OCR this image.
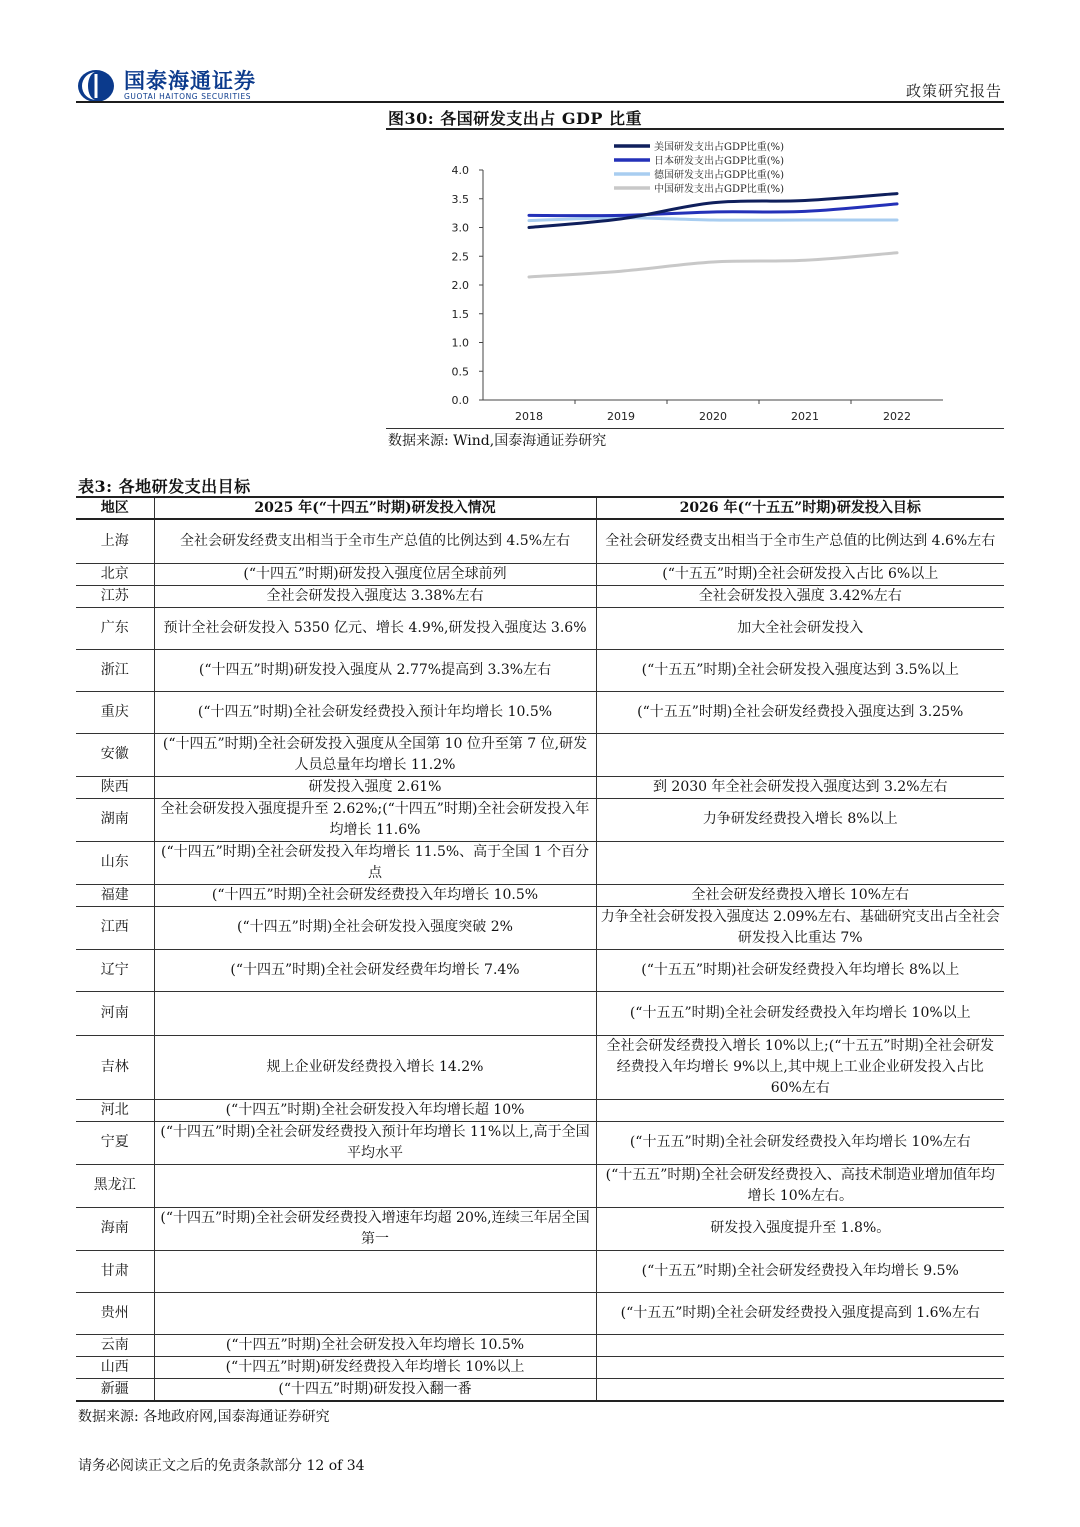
国泰海通证券
GUOTAI HAITONG SECURITIES	政策研究报告
图30: 各国研发支出占 GDP 比重
0.0
0.5
1.0
1.5
2.0
2.5
3.0
3.5
4.0
2018	2019	2020	2021	2022
美国研发支出占GDP比重(%)
日本研发支出占GDP比重(%)
德国研发支出占GDP比重(%)
中国研发支出占GDP比重(%)
数据来源: Wind,国泰海通证券研究
表3: 各地研发支出目标
地区	2025 年(“十四五”时期)研发投入情况	2026 年(“十五五”时期)研发投入目标
上海	全社会研发经费支出相当于全市生产总值的比例达到 4.5%左右	全社会研发经费支出相当于全市生产总值的比例达到 4.6%左右
北京	(“十四五”时期)研发投入强度位居全球前列	(“十五五”时期)全社会研发投入占比 6%以上
江苏	全社会研发投入强度达 3.38%左右	全社会研发投入强度 3.42%左右
广东	预计全社会研发投入 5350 亿元、增长 4.9%,研发投入强度达 3.6%	加大全社会研发投入
浙江	(“十四五”时期)研发投入强度从 2.77%提高到 3.3%左右	(“十五五”时期)全社会研发投入强度达到 3.5%以上
重庆	(“十四五”时期)全社会研发经费投入预计年均增长 10.5%	(“十五五”时期)全社会研发经费投入强度达到 3.25%
安徽	(“十四五”时期)全社会研发投入强度从全国第 10 位升至第 7 位,研发人员总量年均增长 11.2%	
陕西	研发投入强度 2.61%	到 2030 年全社会研发投入强度达到 3.2%左右
湖南	全社会研发投入强度提升至 2.62%;(“十四五”时期)全社会研发投入年均增长 11.6%	力争研发经费投入增长 8%以上
山东	(“十四五”时期)全社会研发投入年均增长 11.5%、高于全国 1 个百分点	
福建	(“十四五”时期)全社会研发经费投入年均增长 10.5%	全社会研发经费投入增长 10%左右
江西	(“十四五”时期)全社会研发投入强度突破 2%	力争全社会研发投入强度达 2.09%左右、基础研究支出占全社会研发投入比重达 7%
辽宁	(“十四五”时期)全社会研发经费年均增长 7.4%	(“十五五”时期)社会研发经费投入年均增长 8%以上
河南		(“十五五”时期)全社会研发经费投入年均增长 10%以上
吉林	规上企业研发经费投入增长 14.2%	全社会研发经费投入增长 10%以上;(“十五五”时期)全社会研发经费投入年均增长 9%以上,其中规上工业企业研发投入占比 60%左右
河北	(“十四五”时期)全社会研发投入年均增长超 10%	
宁夏	(“十四五”时期)全社会研发经费投入预计年均增长 11%以上,高于全国平均水平	(“十五五”时期)全社会研发经费投入年均增长 10%左右
黑龙江		(“十五五”时期)全社会研发经费投入、高技术制造业增加值年均增长 10%左右。
海南	(“十四五”时期)全社会研发经费投入增速年均超 20%,连续三年居全国第一	研发投入强度提升至 1.8%。
甘肃		(“十五五”时期)全社会研发经费投入年均增长 9.5%
贵州		(“十五五”时期)全社会研发经费投入强度提高到 1.6%左右
云南	(“十四五”时期)全社会研发投入年均增长 10.5%	
山西	(“十四五”时期)研发经费投入年均增长 10%以上	
新疆	(“十四五”时期)研发投入翻一番	
数据来源: 各地政府网,国泰海通证券研究
请务必阅读正文之后的免责条款部分 12 of 34
